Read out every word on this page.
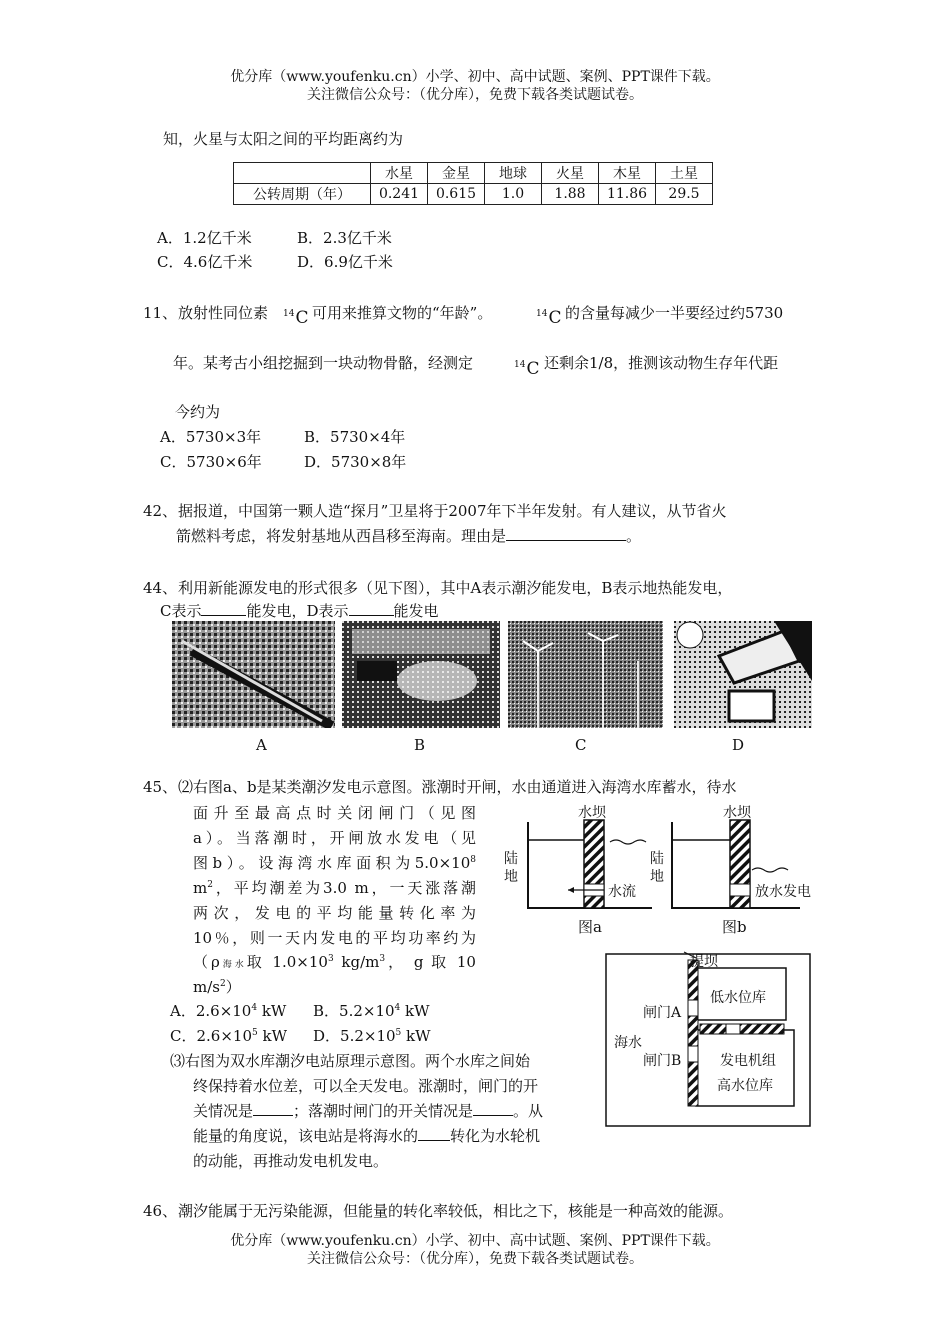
优分库（www.youfenku.cn）小学、初中、高中试题、案例、PPT课件下载。
关注微信公众号：（优分库），免费下载各类试题试卷。
知，火星与太阳之间的平均距离约为
	水星	金星	地球	火星	木星	土星
公转周期（年）	0.241	0.615	1.0	1.88	11.86	29.5
A．1.2亿千米	B．2.3亿千米
C．4.6亿千米	D．6.9亿千米
11、 放射性同位素 $^{14}$C 可用来推算文物的“年龄”。	$^{14}$C 的含量每减少一半要经过约5730
年。某考古小组挖掘到一块动物骨骼，经测定	$^{14}$C 还剩余1/8，推测该动物生存年代距
今约为
A．5730×3年	B．5730×4年
C．5730×6年	D．5730×8年
42、 据报道，中国第一颗人造“探月”卫星将于2007年下半年发射。有人建议，从节省火
箭燃料考虑，将发射基地从西昌移至海南。理由是	。
44、 利用新能源发电的形式很多（见下图），其中A表示潮汐能发电，B表示地热能发电，
C表示	能发电，D表示	能发电
A	B	C	D
45、 ⑵右图a、b是某类潮汐发电示意图。涨潮时开闸，水由通道进入海湾水库蓄水，待水
面升至最高点时关闭闸门（见图
a）。当落潮时，开闸放水发电（见
图b）。设海湾水库面积为$5.0\times 10^8$
$m^2$，平均潮差为3.0 m，一天涨落潮
两次，发电的平均能量转化率为
10％，则一天内发电的平均功率约为
（ρ海水取 $1.0\times 10^3$ $kg/m^3$， g 取 10
$m/s^2$）
A．$2.6\times 10^4$ kW B．$5.2\times 10^4$ kW
C．$2.6\times 10^5$ kW D．$5.2\times 10^5$ kW
⑶右图为双水库潮汐电站原理示意图。两个水库之间始
终保持着水位差，可以全天发电。涨潮时，闸门的开
关情况是	；落潮时闸门的开关情况是	。从
能量的角度说，该电站是将海水的 转化为水轮机
的动能，再推动发电机发电。
水坝	水坝
陆地
陆地
水流	放水发电
图a	图b
提坝
低水位库
闸门A
海水
闸门B	发电机组
高水位库
46、 潮汐能属于无污染能源，但能量的转化率较低，相比之下，核能是一种高效的能源。
优分库（www.youfenku.cn）小学、初中、高中试题、案例、PPT课件下载。
关注微信公众号：（优分库），免费下载各类试题试卷。
